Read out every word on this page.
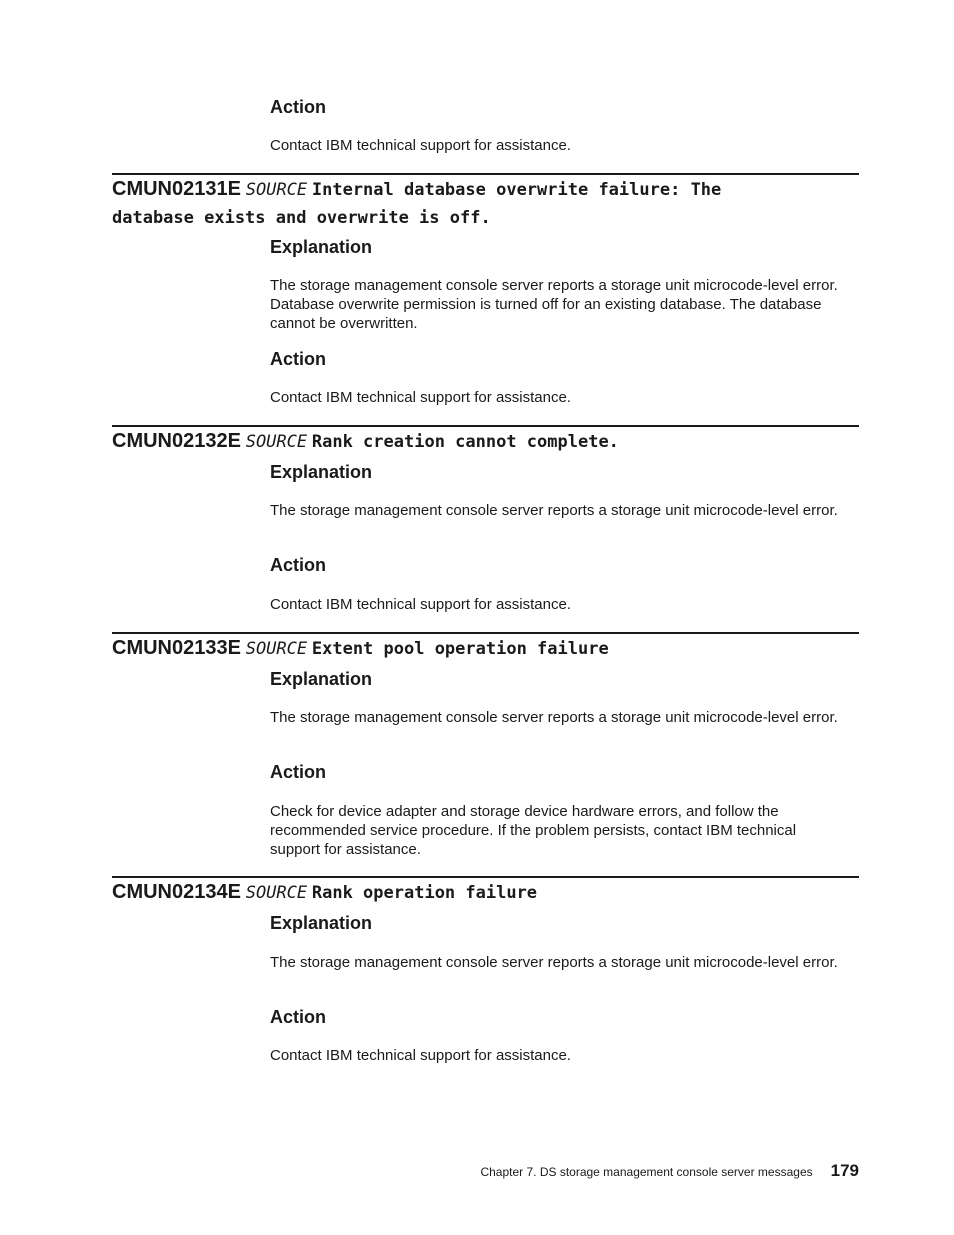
Action

Contact IBM technical support for assistance.

CMUN02131E SOURCE Internal database overwrite failure: The
database exists and overwrite is off.
Explanation

The storage management console server reports a storage unit microcode-level error. Database overwrite permission is turned off for an existing database. The database cannot be overwritten.

Action

Contact IBM technical support for assistance.

CMUN02132E SOURCE Rank creation cannot complete.
Explanation

The storage management console server reports a storage unit microcode-level error.

Action

Contact IBM technical support for assistance.

CMUN02133E SOURCE Extent pool operation failure
Explanation

The storage management console server reports a storage unit microcode-level error.

Action

Check for device adapter and storage device hardware errors, and follow the recommended service procedure. If the problem persists, contact IBM technical support for assistance.

CMUN02134E SOURCE Rank operation failure
Explanation

The storage management console server reports a storage unit microcode-level error.

Action

Contact IBM technical support for assistance.

Chapter 7. DS storage management console server messages 179
